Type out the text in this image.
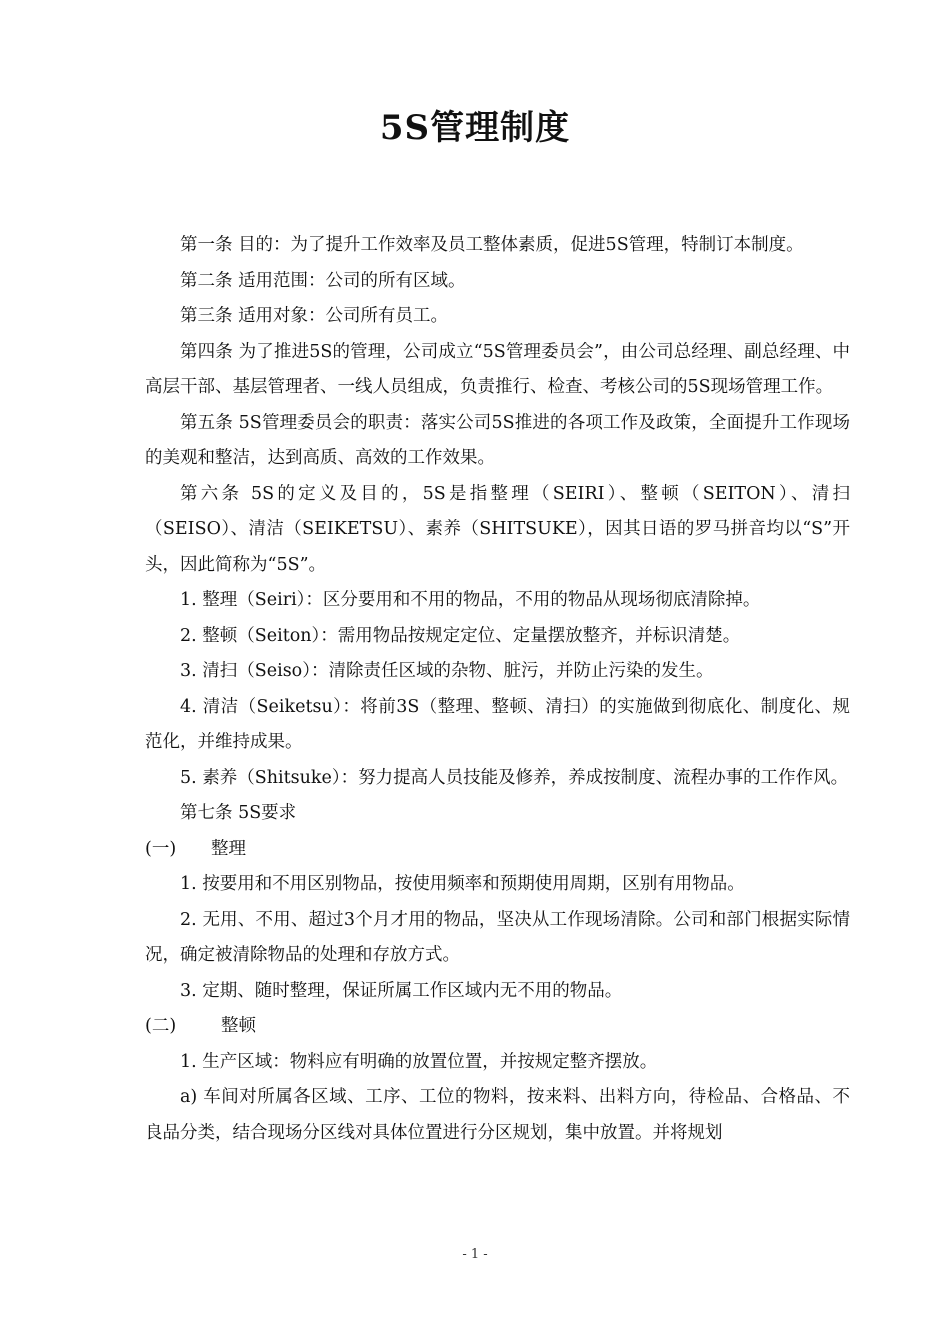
5S管理制度

第一条 目的：为了提升工作效率及员工整体素质，促进5S管理，特制订本制度。

第二条 适用范围：公司的所有区域。

第三条 适用对象：公司所有员工。

第四条 为了推进5S的管理，公司成立“5S管理委员会”，由公司总经理、副总经理、中高层干部、基层管理者、一线人员组成，负责推行、检查、考核公司的5S现场管理工作。

第五条 5S管理委员会的职责：落实公司5S推进的各项工作及政策，全面提升工作现场的美观和整洁，达到高质、高效的工作效果。

第六条 5S的定义及目的，5S是指整理（SEIRI）、整顿（SEITON）、清扫（SEISO）、清洁（SEIKETSU）、素养（SHITSUKE），因其日语的罗马拼音均以“S”开头，因此简称为“5S”。

1. 整理（Seiri）：区分要用和不用的物品，不用的物品从现场彻底清除掉。

2. 整顿（Seiton）：需用物品按规定定位、定量摆放整齐，并标识清楚。

3. 清扫（Seiso）：清除责任区域的杂物、脏污，并防止污染的发生。

4. 清洁（Seiketsu）：将前3S（整理、整顿、清扫）的实施做到彻底化、制度化、规范化，并维持成果。

5. 素养（Shitsuke）：努力提高人员技能及修养，养成按制度、流程办事的工作作风。

第七条 5S要求

(一) 整理

1. 按要用和不用区别物品，按使用频率和预期使用周期，区别有用物品。

2. 无用、不用、超过3个月才用的物品，坚决从工作现场清除。公司和部门根据实际情况，确定被清除物品的处理和存放方式。

3. 定期、随时整理，保证所属工作区域内无不用的物品。

(二)	整顿

1. 生产区域：物料应有明确的放置位置，并按规定整齐摆放。

a) 车间对所属各区域、工序、工位的物料，按来料、出料方向，待检品、合格品、不良品分类，结合现场分区线对具体位置进行分区规划，集中放置。并将规划

- 1 -
